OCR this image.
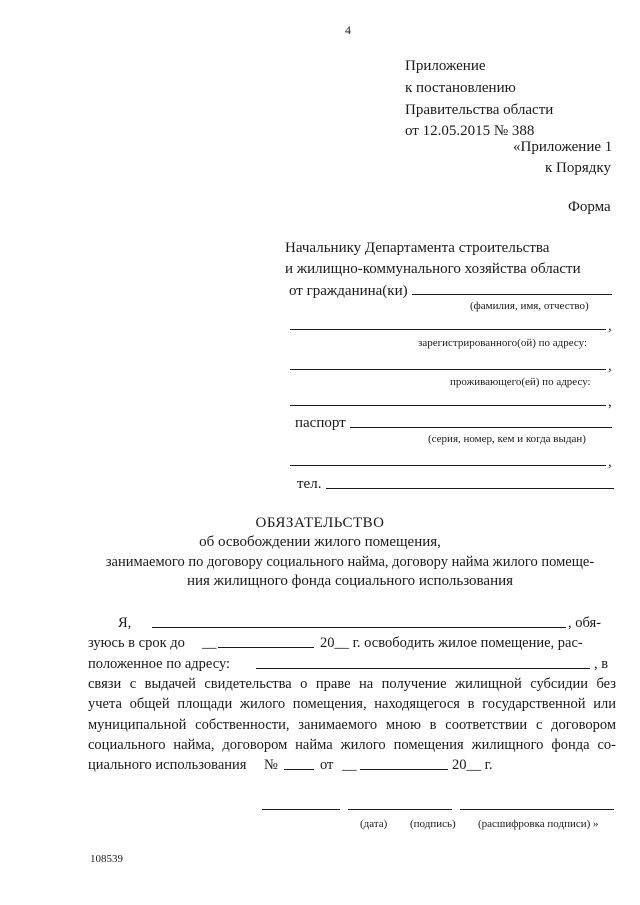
4
Приложение
к постановлению
Правительства области
от 12.05.2015 № 388
«Приложение 1
к Порядку
Форма
Начальнику Департамента строительства
и жилищно-коммунального хозяйства области
от гражданина(ки)
(фамилия, имя, отчество)
,
зарегистрированного(ой) по адресу:
,
проживающего(ей) по адресу:
,
паспорт
(серия, номер, кем и когда выдан)
,
тел.
ОБЯЗАТЕЛЬСТВО
об освобождении жилого помещения,
занимаемого по договору социального найма, договору найма жилого помеще-
ния жилищного фонда социального использования
Я,	, обя-
зуюсь в срок до __	20__ г. освободить жилое помещение, рас-
положенное по адресу:	, в
связи с выдачей свидетельства о праве на получение жилищной субсидии без
учета общей площади жилого помещения, находящегося в государственной или
муниципальной собственности, занимаемого мною в соответствии с договором
социального найма, договором найма жилого помещения жилищного фонда со-
циального использования №	от __	20__ г.
(дата) (подпись) (расшифровка подписи) »
108539
